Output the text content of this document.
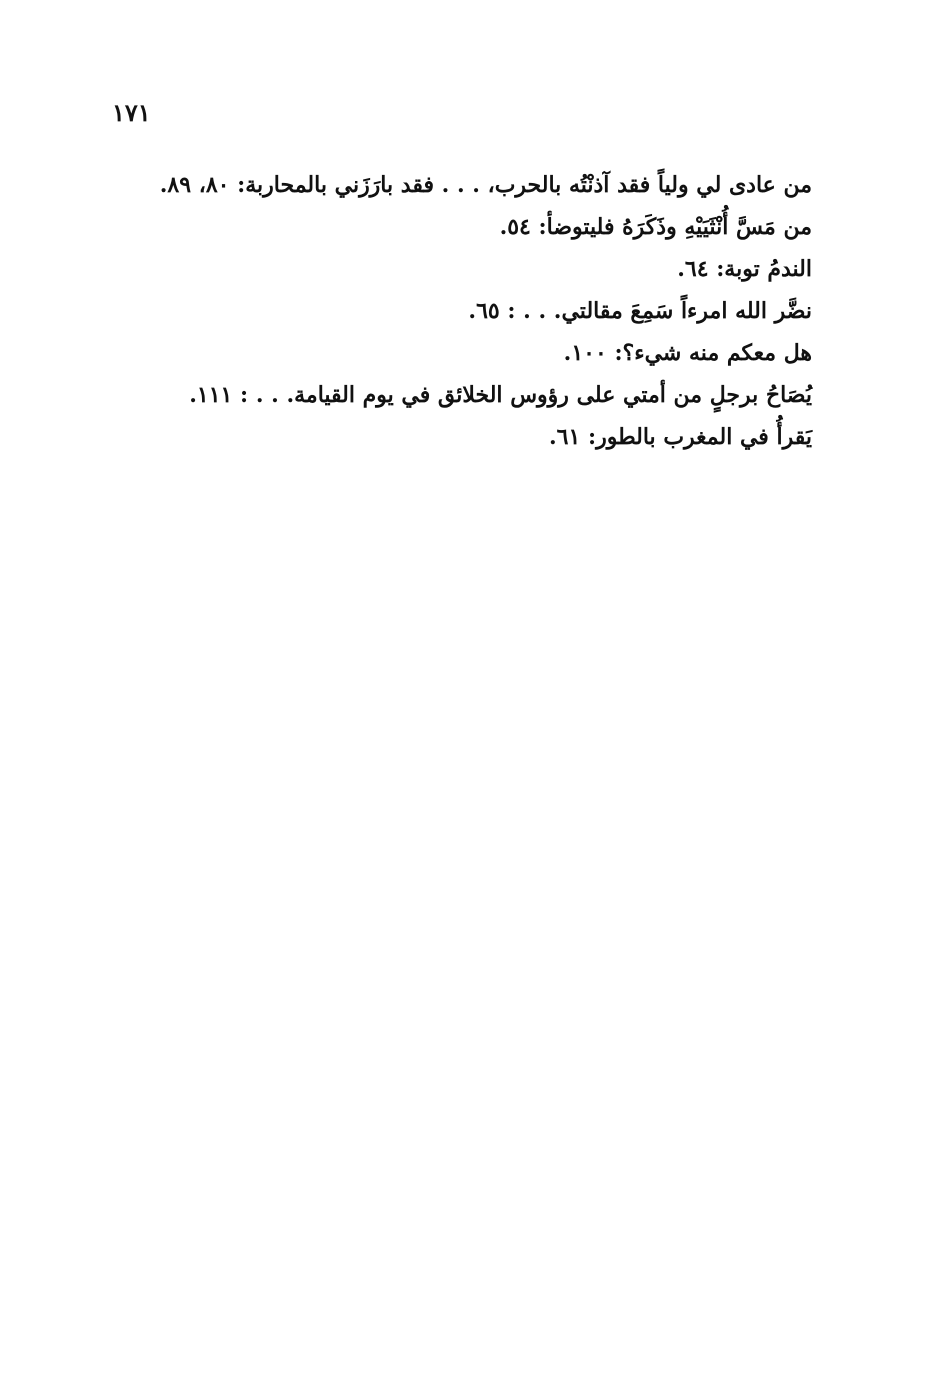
١٧١
من عادى لي ولياً فقد آذنْتُه بالحرب، . . . فقد بارَزَني بالمحاربة: ٨٠، ٨٩.
من مَسَّ أُنْثَيَيْهِ وذَكَرَهُ فليتوضأ: ٥٤.
الندمُ توبة: ٦٤.
نضَّر الله امرءاً سَمِعَ مقالتي. . . : ٦٥.
هل معكم منه شيء؟: ١٠٠.
يُصَاحُ برجلٍ من أمتي على رؤوس الخلائق في يوم القيامة. . . : ١١١.
يَقرأُ في المغرب بالطور: ٦١.
